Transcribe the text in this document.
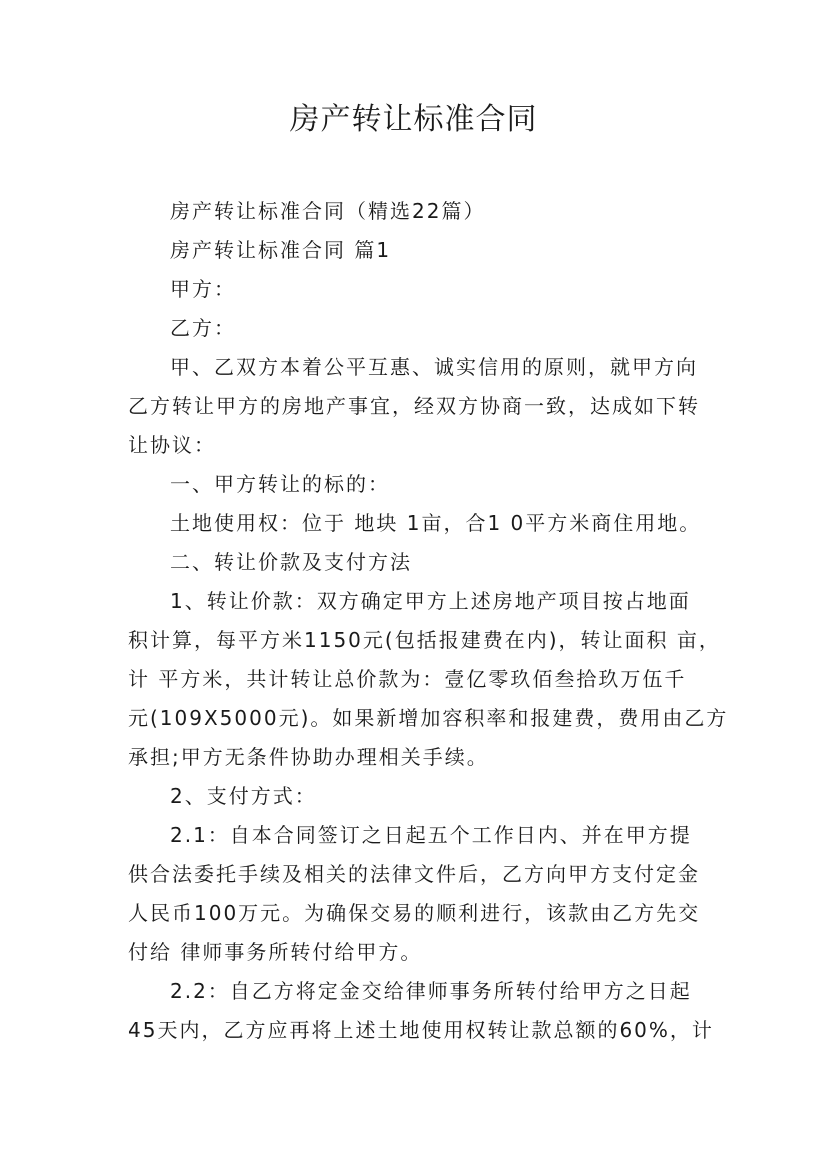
房产转让标准合同

房产转让标准合同（精选22篇）

房产转让标准合同 篇1

甲方：

乙方：

甲、乙双方本着公平互惠、诚实信用的原则，就甲方向

乙方转让甲方的房地产事宜，经双方协商一致，达成如下转

让协议：

一、甲方转让的标的：

土地使用权：位于 地块 1亩，合1 0平方米商住用地。

二、转让价款及支付方法

1、转让价款：双方确定甲方上述房地产项目按占地面

积计算，每平方米1150元(包括报建费在内)，转让面积 亩，

计 平方米，共计转让总价款为：壹亿零玖佰叁拾玖万伍千

元(109X5000元)。如果新增加容积率和报建费，费用由乙方

承担;甲方无条件协助办理相关手续。

2、支付方式：

2.1：自本合同签订之日起五个工作日内、并在甲方提

供合法委托手续及相关的法律文件后，乙方向甲方支付定金

人民币100万元。为确保交易的顺利进行，该款由乙方先交

付给 律师事务所转付给甲方。

2.2：自乙方将定金交给律师事务所转付给甲方之日起

45天内，乙方应再将上述土地使用权转让款总额的60%，计
